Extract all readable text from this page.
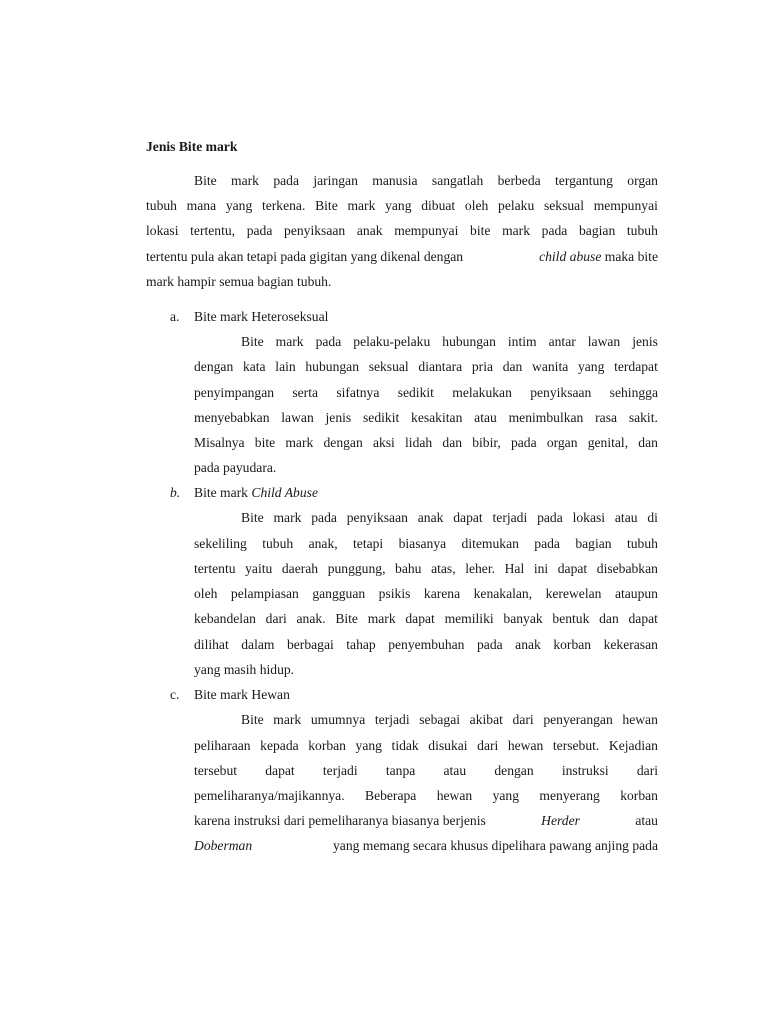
Jenis Bite mark
Bite mark pada jaringan manusia sangatlah berbeda tergantung organ
tubuh mana yang terkena. Bite mark yang dibuat oleh pelaku seksual mempunyai
lokasi tertentu, pada penyiksaan anak mempunyai bite mark pada bagian tubuh
tertentu pula akan tetapi pada gigitan yang dikenal dengan	child abuse maka bite
mark hampir semua bagian tubuh.
a. Bite mark Heteroseksual
Bite mark pada pelaku-pelaku hubungan intim antar lawan jenis
dengan kata lain hubungan seksual diantara pria dan wanita yang terdapat
penyimpangan serta sifatnya sedikit melakukan penyiksaan sehingga
menyebabkan lawan jenis sedikit kesakitan atau menimbulkan rasa sakit.
Misalnya bite mark dengan aksi lidah dan bibir, pada organ genital, dan
pada payudara.
b. Bite mark Child Abuse
Bite mark pada penyiksaan anak dapat terjadi pada lokasi atau di
sekeliling tubuh anak, tetapi biasanya ditemukan pada bagian tubuh
tertentu yaitu daerah punggung, bahu atas, leher. Hal ini dapat disebabkan
oleh pelampiasan gangguan psikis karena kenakalan, kerewelan ataupun
kebandelan dari anak. Bite mark dapat memiliki banyak bentuk dan dapat
dilihat dalam berbagai tahap penyembuhan pada anak korban kekerasan
yang masih hidup.
c. Bite mark Hewan
Bite mark umumnya terjadi sebagai akibat dari penyerangan hewan
peliharaan kepada korban yang tidak disukai dari hewan tersebut. Kejadian
tersebut dapat terjadi tanpa atau dengan instruksi dari
pemeliharanya/majikannya. Beberapa hewan yang menyerang korban
karena instruksi dari pemeliharanya biasanya berjenis	Herder	atau
Doberman	yang memang secara khusus dipelihara pawang anjing pada
